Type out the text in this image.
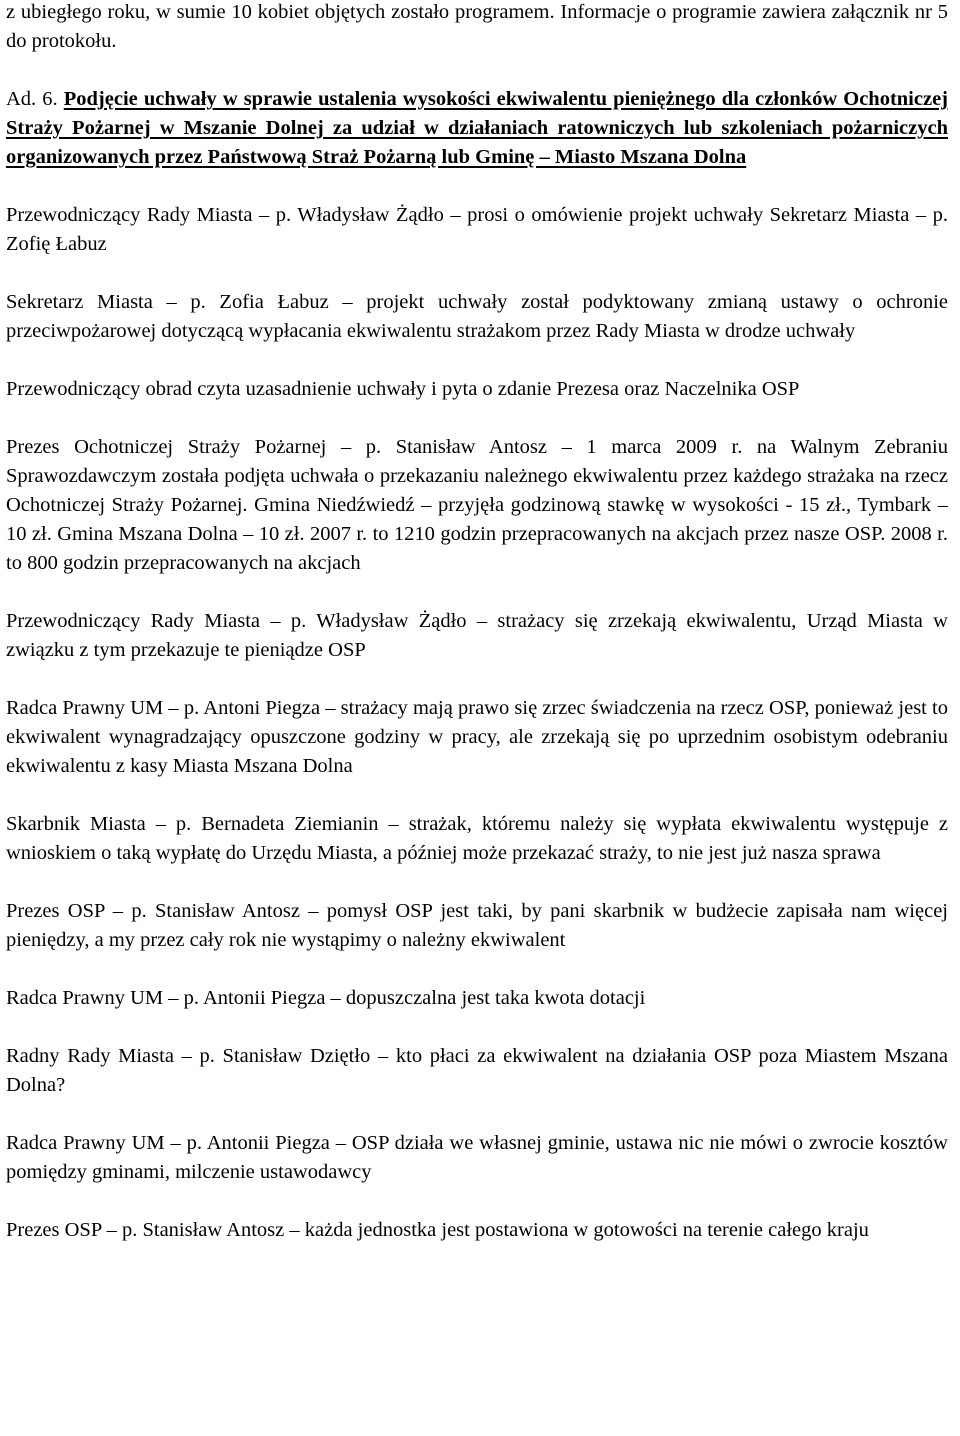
z ubiegłego roku, w sumie 10 kobiet objętych zostało programem. Informacje o programie zawiera załącznik nr 5 do protokołu.

Ad. 6. Podjęcie uchwały w sprawie ustalenia wysokości ekwiwalentu pieniężnego dla członków Ochotniczej Straży Pożarnej w Mszanie Dolnej za udział w działaniach ratowniczych lub szkoleniach pożarniczych organizowanych przez Państwową Straż Pożarną lub Gminę – Miasto Mszana Dolna

Przewodniczący Rady Miasta – p. Władysław Żądło – prosi o omówienie projekt uchwały Sekretarz Miasta – p. Zofię Łabuz

Sekretarz Miasta – p. Zofia Łabuz – projekt uchwały został podyktowany zmianą ustawy o ochronie przeciwpożarowej dotyczącą wypłacania ekwiwalentu strażakom przez Rady Miasta w drodze uchwały

Przewodniczący obrad czyta uzasadnienie uchwały i pyta o zdanie Prezesa oraz Naczelnika OSP

Prezes Ochotniczej Straży Pożarnej – p. Stanisław Antosz – 1 marca 2009 r. na Walnym Zebraniu Sprawozdawczym została podjęta uchwała o przekazaniu należnego ekwiwalentu przez każdego strażaka na rzecz Ochotniczej Straży Pożarnej. Gmina Niedźwiedź – przyjęła godzinową stawkę w wysokości - 15 zł., Tymbark – 10 zł. Gmina Mszana Dolna – 10 zł. 2007 r. to 1210 godzin przepracowanych na akcjach przez nasze OSP. 2008 r. to 800 godzin przepracowanych na akcjach

Przewodniczący Rady Miasta – p. Władysław Żądło – strażacy się zrzekają ekwiwalentu, Urząd Miasta w związku z tym przekazuje te pieniądze OSP

Radca Prawny UM – p. Antoni Piegza – strażacy mają prawo się zrzec świadczenia na rzecz OSP, ponieważ jest to ekwiwalent wynagradzający opuszczone godziny w pracy, ale zrzekają się po uprzednim osobistym odebraniu ekwiwalentu z kasy Miasta Mszana Dolna

Skarbnik Miasta – p. Bernadeta Ziemianin – strażak, któremu należy się wypłata ekwiwalentu występuje z wnioskiem o taką wypłatę do Urzędu Miasta, a później może przekazać straży, to nie jest już nasza sprawa

Prezes OSP – p. Stanisław Antosz – pomysł OSP jest taki, by pani skarbnik w budżecie zapisała nam więcej pieniędzy, a my przez cały rok nie wystąpimy o należny ekwiwalent

Radca Prawny UM – p. Antonii Piegza – dopuszczalna jest taka kwota dotacji

Radny Rady Miasta – p. Stanisław Dziętło – kto płaci za ekwiwalent na działania OSP poza Miastem Mszana Dolna?

Radca Prawny UM – p. Antonii Piegza – OSP działa we własnej gminie, ustawa nic nie mówi o zwrocie kosztów pomiędzy gminami, milczenie ustawodawcy

Prezes OSP – p. Stanisław Antosz – każda jednostka jest postawiona w gotowości na terenie całego kraju
